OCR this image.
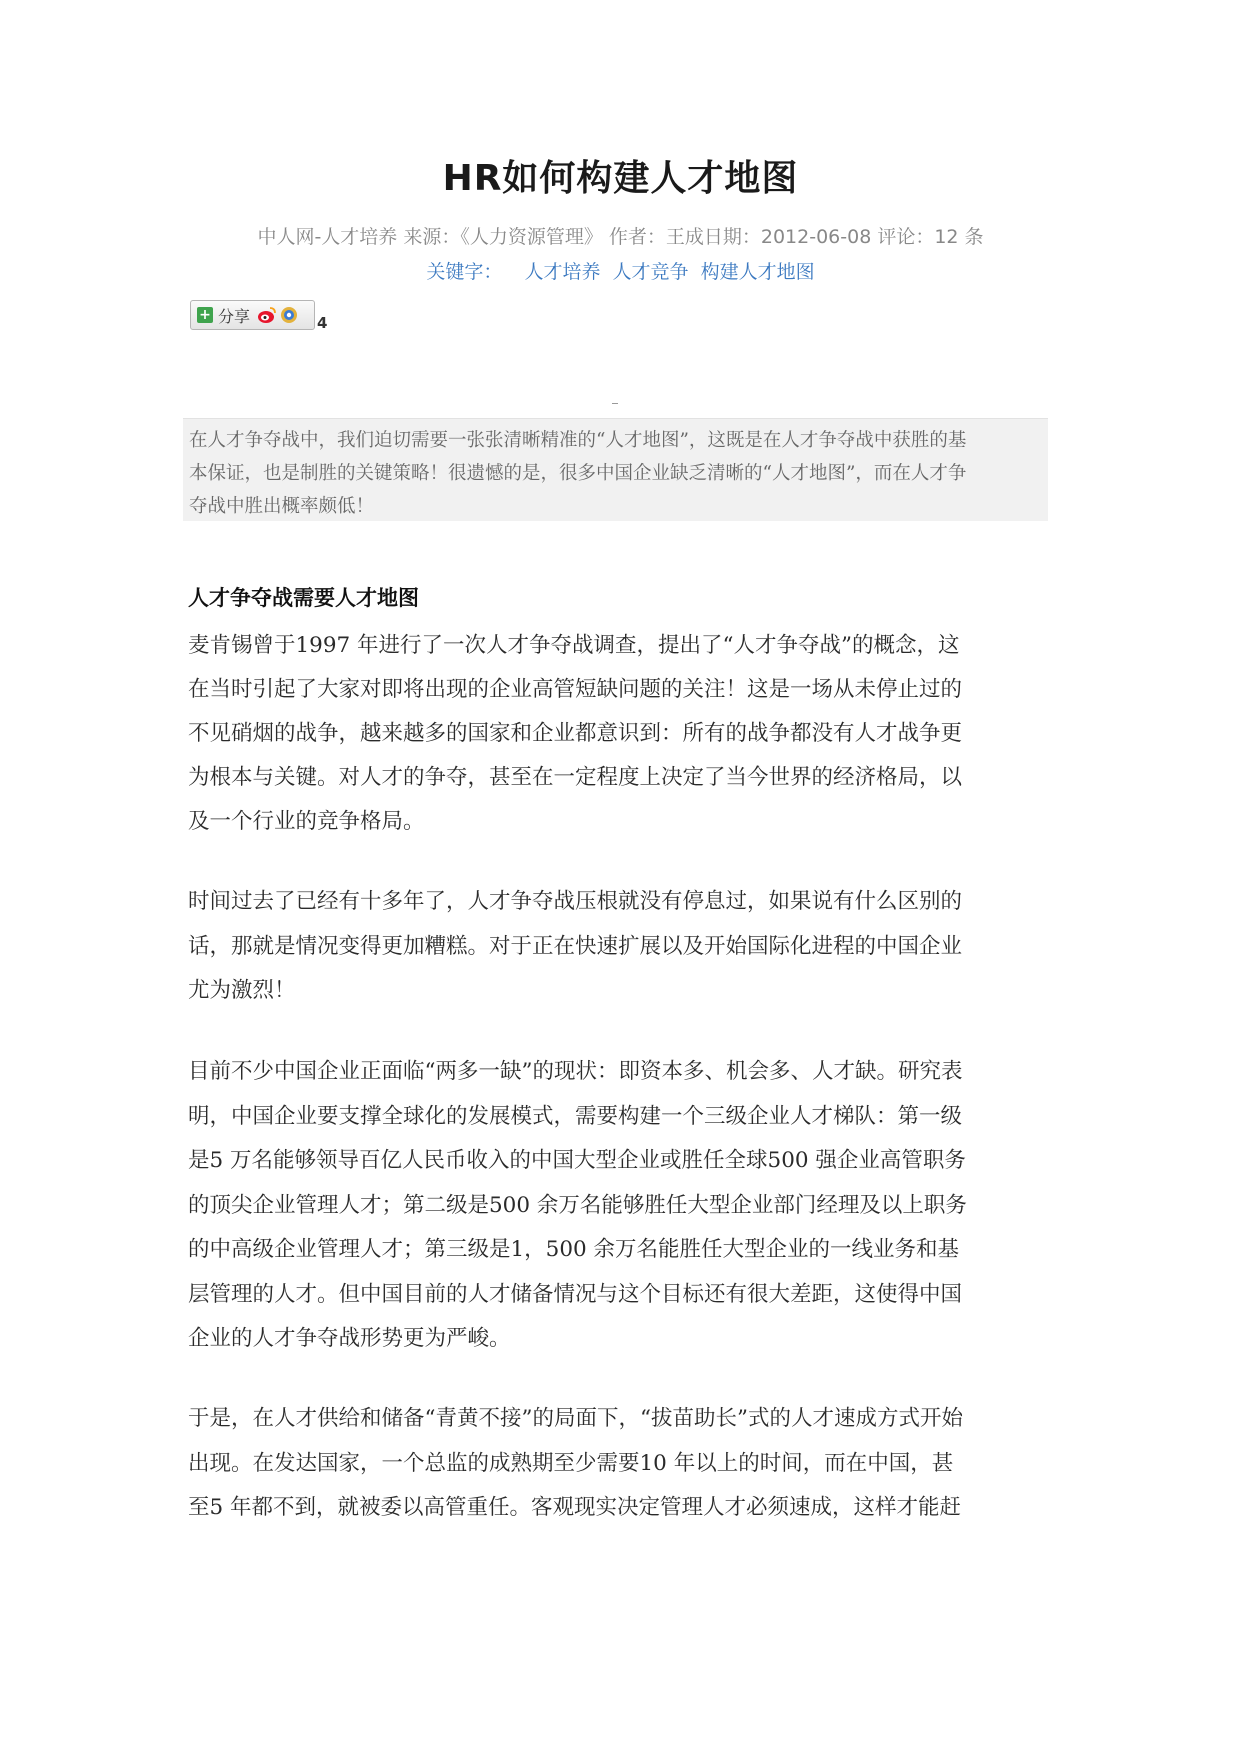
HR如何构建人才地图
中人网-人才培养 来源：《人力资源管理》 作者：王成日期：2012-06-08 评论：12 条
关键字： 人才培养 人才竞争 构建人才地图
+ 分享	4
在人才争夺战中，我们迫切需要一张张清晰精准的“人才地图”，这既是在人才争夺战中获胜的基
本保证，也是制胜的关键策略！很遗憾的是，很多中国企业缺乏清晰的“人才地图”，而在人才争
夺战中胜出概率颇低！
人才争夺战需要人才地图
麦肯锡曾于1997 年进行了一次人才争夺战调查，提出了“人才争夺战”的概念，这
在当时引起了大家对即将出现的企业高管短缺问题的关注！这是一场从未停止过的
不见硝烟的战争，越来越多的国家和企业都意识到：所有的战争都没有人才战争更
为根本与关键。对人才的争夺，甚至在一定程度上决定了当今世界的经济格局，以
及一个行业的竞争格局。
时间过去了已经有十多年了，人才争夺战压根就没有停息过，如果说有什么区别的
话，那就是情况变得更加糟糕。对于正在快速扩展以及开始国际化进程的中国企业
尤为激烈！
目前不少中国企业正面临“两多一缺”的现状：即资本多、机会多、人才缺。研究表
明，中国企业要支撑全球化的发展模式，需要构建一个三级企业人才梯队：第一级
是5 万名能够领导百亿人民币收入的中国大型企业或胜任全球500 强企业高管职务
的顶尖企业管理人才；第二级是500 余万名能够胜任大型企业部门经理及以上职务
的中高级企业管理人才；第三级是1，500 余万名能胜任大型企业的一线业务和基
层管理的人才。但中国目前的人才储备情况与这个目标还有很大差距，这使得中国
企业的人才争夺战形势更为严峻。
于是，在人才供给和储备“青黄不接”的局面下，“拔苗助长”式的人才速成方式开始
出现。在发达国家，一个总监的成熟期至少需要10 年以上的时间，而在中国，甚
至5 年都不到，就被委以高管重任。客观现实决定管理人才必须速成，这样才能赶
